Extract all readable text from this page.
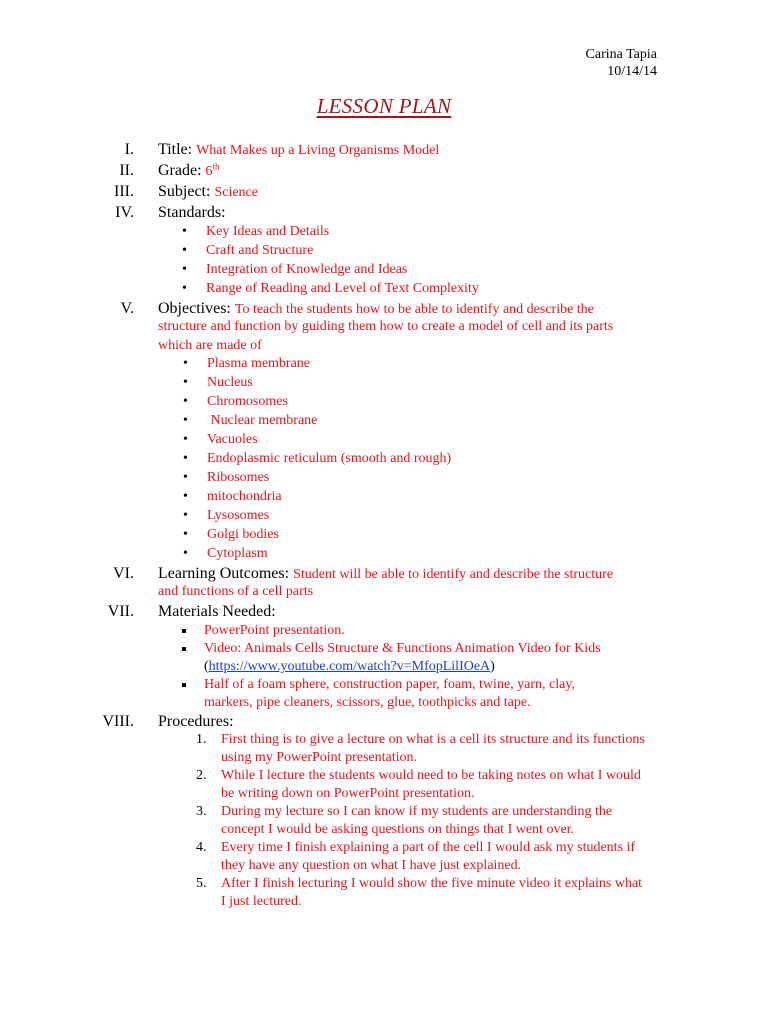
Carina Tapia
10/14/14
LESSON PLAN
I. Title: What Makes up a Living Organisms Model
II. Grade: 6th
III. Subject: Science
IV. Standards:
• Key Ideas and Details
• Craft and Structure
• Integration of Knowledge and Ideas
• Range of Reading and Level of Text Complexity
V. Objectives: To teach the students how to be able to identify and describe the
structure and function by guiding them how to create a model of cell and its parts which are made of
• Plasma membrane
• Nucleus
• Chromosomes
•  Nuclear membrane
• Vacuoles
• Endoplasmic reticulum (smooth and rough)
• Ribosomes
• mitochondria
• Lysosomes
• Golgi bodies
• Cytoplasm
VI. Learning Outcomes: Student will be able to identify and describe the structure
and functions of a cell parts
VII. Materials Needed:
PowerPoint presentation.
Video: Animals Cells Structure & Functions Animation Video for Kids
(https://www.youtube.com/watch?v=MfopLilIOeA)
Half of a foam sphere, construction paper, foam, twine, yarn, clay, markers, pipe cleaners, scissors, glue, toothpicks and tape.
VIII. Procedures:
1. First thing is to give a lecture on what is a cell its structure and its functions using my PowerPoint presentation.
2. While I lecture the students would need to be taking notes on what I would be writing down on PowerPoint presentation.
3. During my lecture so I can know if my students are understanding the concept I would be asking questions on things that I went over.
4. Every time I finish explaining a part of the cell I would ask my students if they have any question on what I have just explained.
5. After I finish lecturing I would show the five minute video it explains what I just lectured.
